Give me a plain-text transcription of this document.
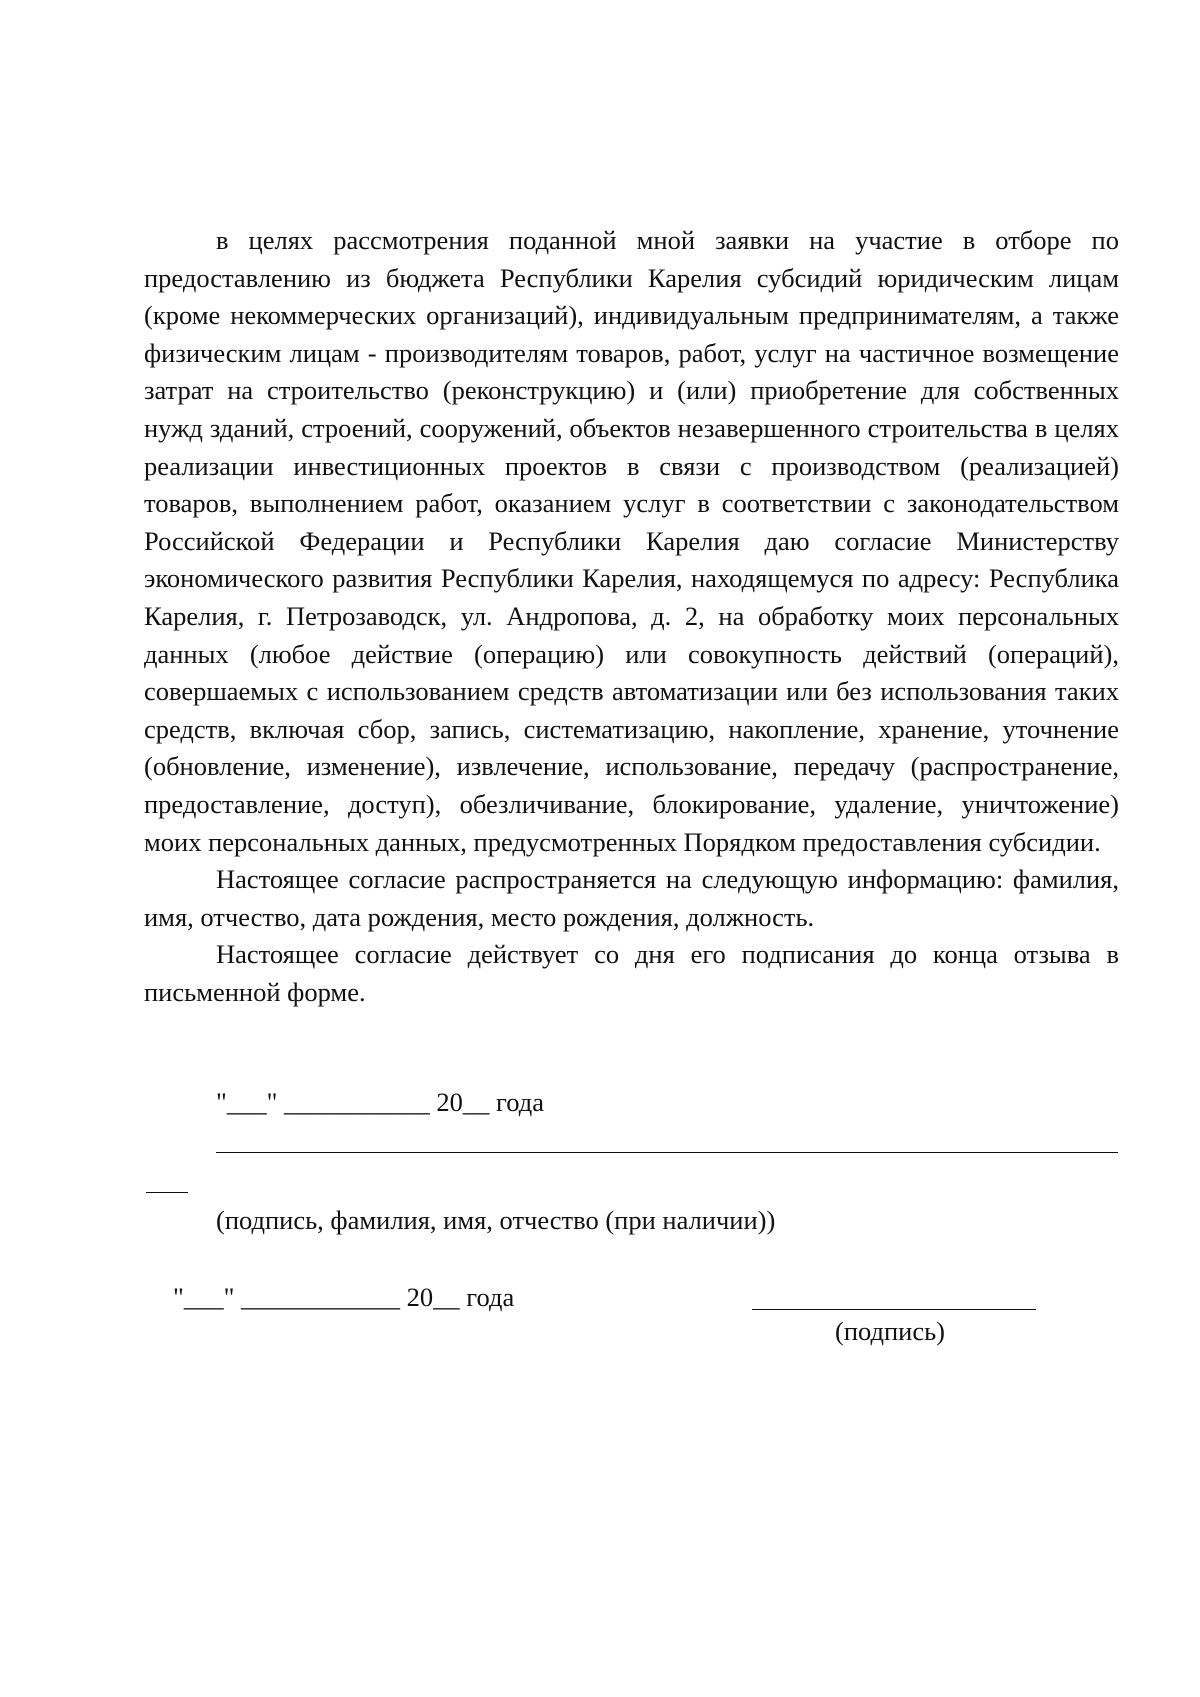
в целях рассмотрения поданной мной заявки на участие в отборе по предоставлению из бюджета Республики Карелия субсидий юридическим лицам (кроме некоммерческих организаций), индивидуальным предпринимателям, а также физическим лицам - производителям товаров, работ, услуг на частичное возмещение затрат на строительство (реконструкцию) и (или) приобретение для собственных нужд зданий, строений, сооружений, объектов незавершенного строительства в целях реализации инвестиционных проектов в связи с производством (реализацией) товаров, выполнением работ, оказанием услуг в соответствии с законодательством Российской Федерации и Республики Карелия даю согласие Министерству экономического развития Республики Карелия, находящемуся по адресу: Республика Карелия, г. Петрозаводск, ул. Андропова, д. 2, на обработку моих персональных данных (любое действие (операцию) или совокупность действий (операций), совершаемых с использованием средств автоматизации или без использования таких средств, включая сбор, запись, систематизацию, накопление, хранение, уточнение (обновление, изменение), извлечение, использование, передачу (распространение, предоставление, доступ), обезличивание, блокирование, удаление, уничтожение) моих персональных данных, предусмотренных Порядком предоставления субсидии.

Настоящее согласие распространяется на следующую информацию: фамилия, имя, отчество, дата рождения, место рождения, должность.

Настоящее согласие действует со дня его подписания до конца отзыва в письменной форме.

"___" ___________ 20__ года
(подпись, фамилия, имя, отчество (при наличии))
"___" ____________ 20__ года
(подпись)
